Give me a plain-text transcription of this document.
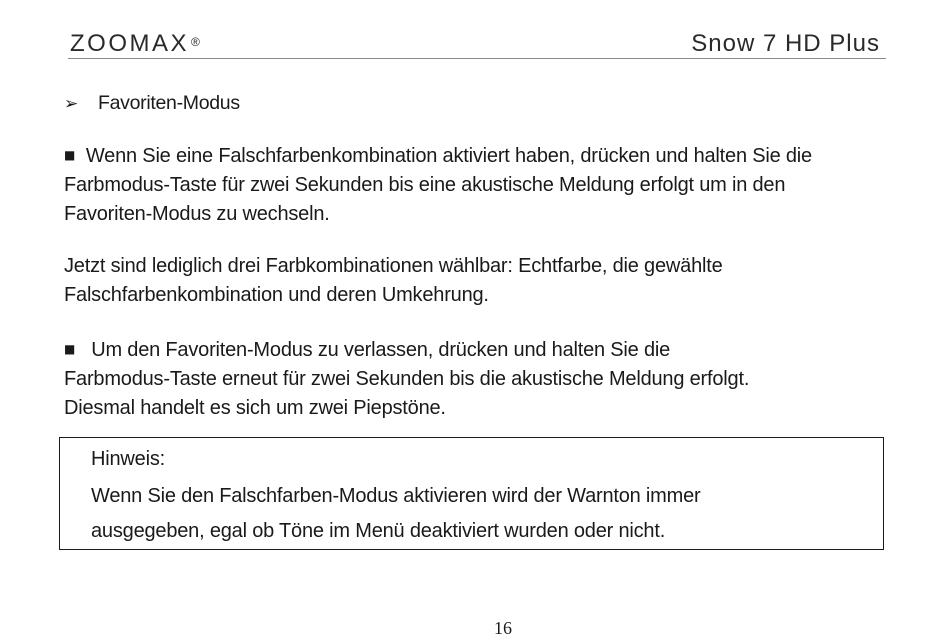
ZOOMAX ®	Snow 7 HD Plus
➢ Favoriten-Modus
■ Wenn Sie eine Falschfarbenkombination aktiviert haben, drücken und halten Sie die
Farbmodus-Taste für zwei Sekunden bis eine akustische Meldung erfolgt um in den
Favoriten-Modus zu wechseln.
Jetzt sind lediglich drei Farbkombinationen wählbar: Echtfarbe, die gewählte
Falschfarbenkombination und deren Umkehrung.
■ Um den Favoriten-Modus zu verlassen, drücken und halten Sie die
Farbmodus-Taste erneut für zwei Sekunden bis die akustische Meldung erfolgt.
Diesmal handelt es sich um zwei Piepstöne.
Hinweis:
Wenn Sie den Falschfarben-Modus aktivieren wird der Warnton immer
ausgegeben, egal ob Töne im Menü deaktiviert wurden oder nicht.
16
